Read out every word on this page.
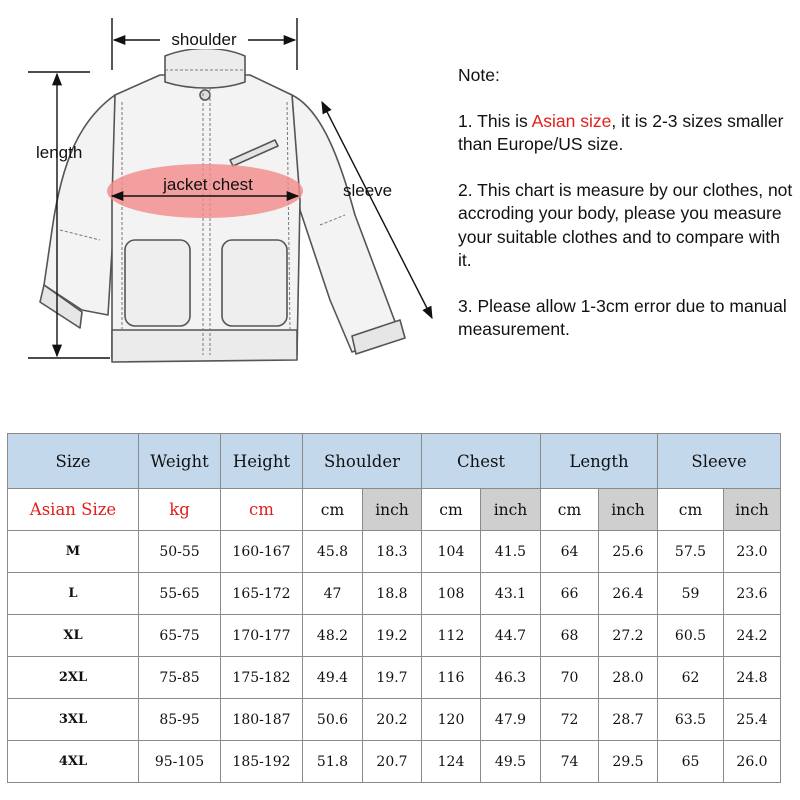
shoulder
length
sleeve
jacket chest
Note:
1. This is Asian size, it is 2-3 sizes smaller than Europe/US size.
2. This chart is measure by our clothes, not accroding your body, please you measure your suitable clothes and to compare with it.
3. Please allow 1-3cm error due to manual measurement.
Size	Weight	Height	Shoulder		Chest		Length		Sleeve	
Asian Size	kg	cm	cm	inch	cm	inch	cm	inch	cm	inch
M	50-55	160-167	45.8	18.3	104	41.5	64	25.6	57.5	23.0
L	55-65	165-172	47	18.8	108	43.1	66	26.4	59	23.6
XL	65-75	170-177	48.2	19.2	112	44.7	68	27.2	60.5	24.2
2XL	75-85	175-182	49.4	19.7	116	46.3	70	28.0	62	24.8
3XL	85-95	180-187	50.6	20.2	120	47.9	72	28.7	63.5	25.4
4XL	95-105	185-192	51.8	20.7	124	49.5	74	29.5	65	26.0
